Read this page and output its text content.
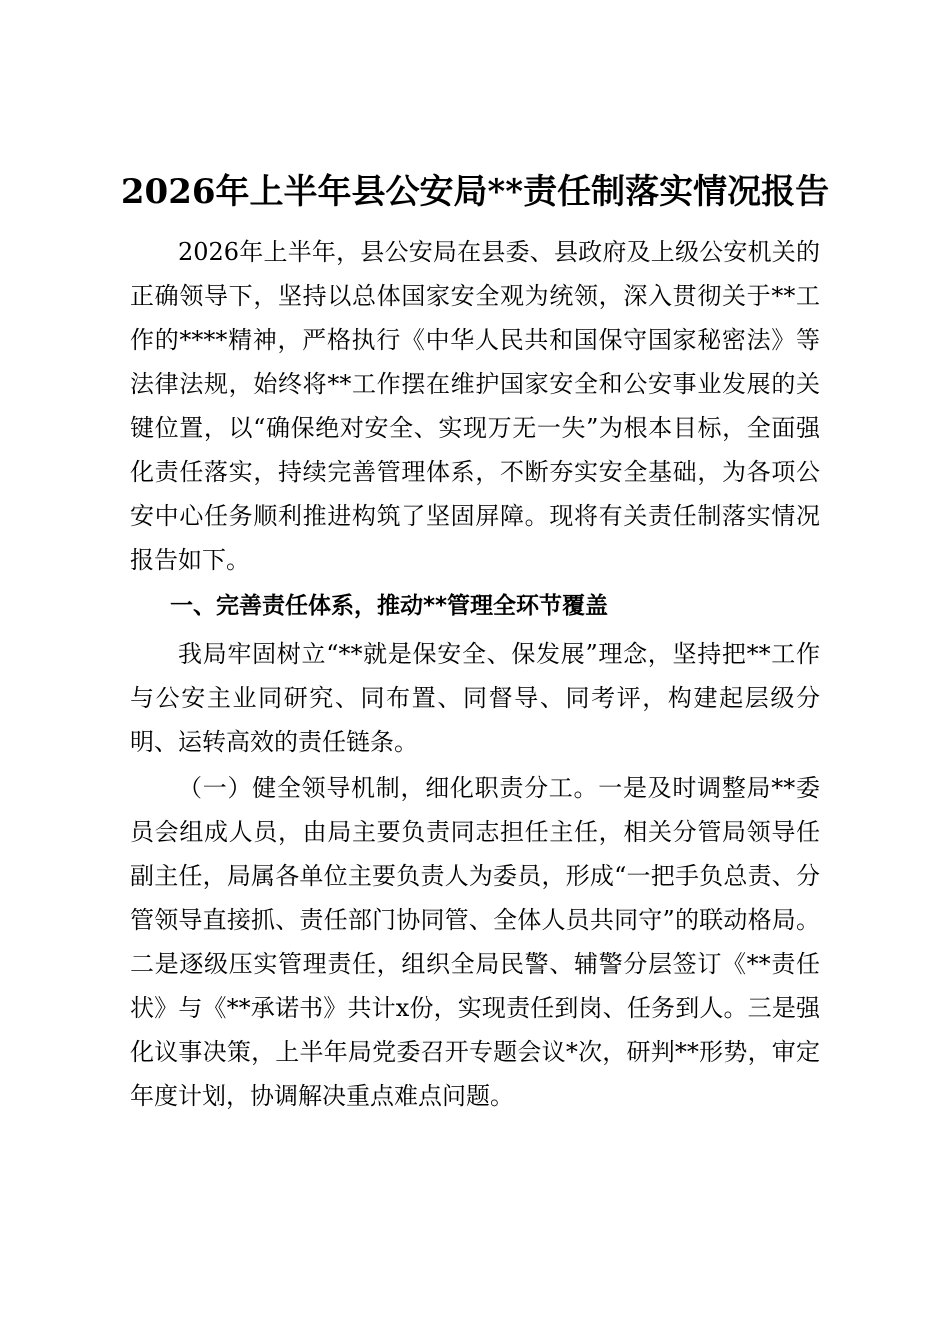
2026年上半年县公安局**责任制落实情况报告

2026年上半年，县公安局在县委、县政府及上级公安机关的正确领导下，坚持以总体国家安全观为统领，深入贯彻关于**工作的****精神，严格执行《中华人民共和国保守国家秘密法》等法律法规，始终将**工作摆在维护国家安全和公安事业发展的关键位置，以“确保绝对安全、实现万无一失”为根本目标，全面强化责任落实，持续完善管理体系，不断夯实安全基础，为各项公安中心任务顺利推进构筑了坚固屏障。现将有关责任制落实情况报告如下。

一、完善责任体系，推动**管理全环节覆盖

我局牢固树立“**就是保安全、保发展”理念，坚持把**工作与公安主业同研究、同布置、同督导、同考评，构建起层级分明、运转高效的责任链条。

（一）健全领导机制，细化职责分工。一是及时调整局**委员会组成人员，由局主要负责同志担任主任，相关分管局领导任副主任，局属各单位主要负责人为委员，形成“一把手负总责、分管领导直接抓、责任部门协同管、全体人员共同守”的联动格局。二是逐级压实管理责任，组织全局民警、辅警分层签订《**责任状》与《**承诺书》共计x份，实现责任到岗、任务到人。三是强化议事决策，上半年局党委召开专题会议*次，研判**形势，审定年度计划，协调解决重点难点问题。
